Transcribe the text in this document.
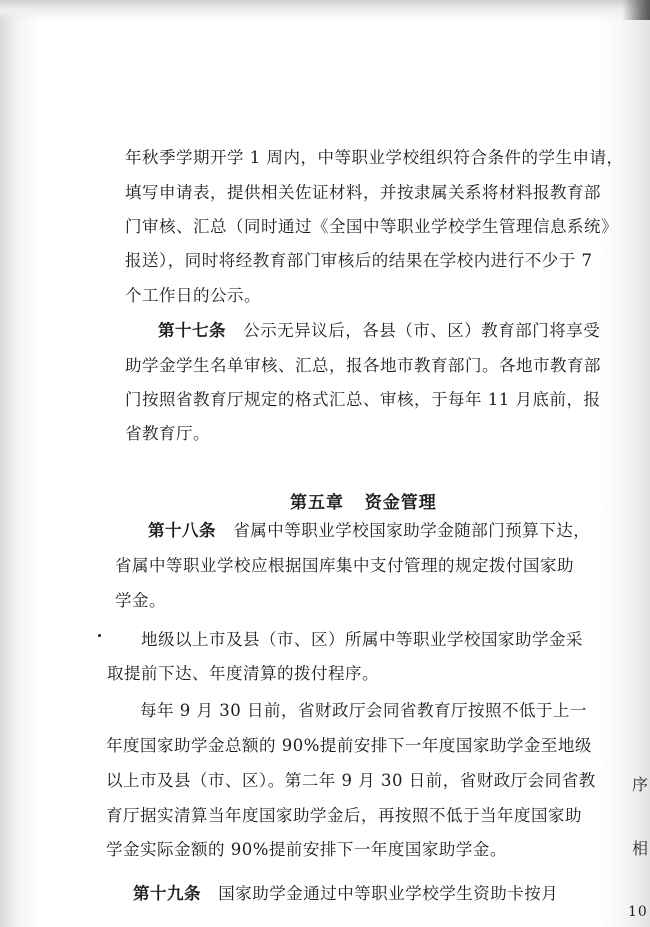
年秋季学期开学 1 周内，中等职业学校组织符合条件的学生申请，
填写申请表，提供相关佐证材料，并按隶属关系将材料报教育部
门审核、汇总（同时通过《全国中等职业学校学生管理信息系统》
报送），同时将经教育部门审核后的结果在学校内进行不少于 7
个工作日的公示。
第十七条 公示无异议后，各县（市、区）教育部门将享受
助学金学生名单审核、汇总，报各地市教育部门。各地市教育部
门按照省教育厅规定的格式汇总、审核，于每年 11 月底前，报
省教育厅。
第五章 资金管理
第十八条 省属中等职业学校国家助学金随部门预算下达，
省属中等职业学校应根据国库集中支付管理的规定拨付国家助
学金。
地级以上市及县（市、区）所属中等职业学校国家助学金采
取提前下达、年度清算的拨付程序。
每年 9 月 30 日前，省财政厅会同省教育厅按照不低于上一
年度国家助学金总额的 90%提前安排下一年度国家助学金至地级
以上市及县（市、区）。第二年 9 月 30 日前，省财政厅会同省教
育厅据实清算当年度国家助学金后，再按照不低于当年度国家助
学金实际金额的 90%提前安排下一年度国家助学金。
第十九条 国家助学金通过中等职业学校学生资助卡按月
序
相
10
